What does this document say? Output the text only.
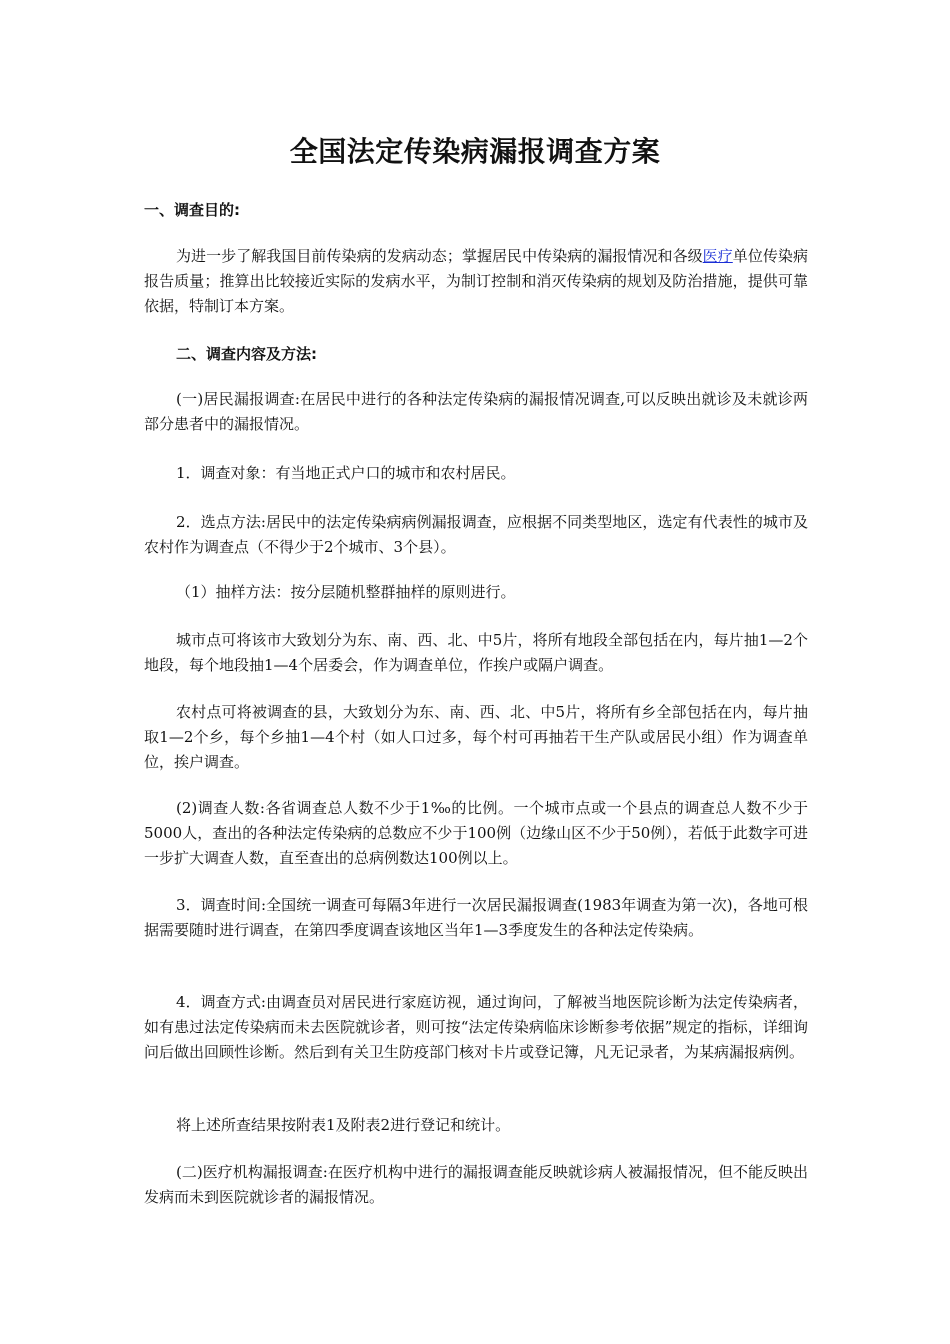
全国法定传染病漏报调查方案
一、调查目的:

为进一步了解我国目前传染病的发病动态；掌握居民中传染病的漏报情况和各级医疗单位传染病报告质量；推算出比较接近实际的发病水平，为制订控制和消灭传染病的规划及防治措施，提供可靠依据，特制订本方案。

二、调查内容及方法:

(一)居民漏报调查:在居民中进行的各种法定传染病的漏报情况调查,可以反映出就诊及未就诊两部分患者中的漏报情况。

1．调查对象：有当地正式户口的城市和农村居民。

2．选点方法:居民中的法定传染病病例漏报调查，应根据不同类型地区，选定有代表性的城市及农村作为调查点（不得少于2个城市、3个县）。

（1）抽样方法：按分层随机整群抽样的原则进行。

城市点可将该市大致划分为东、南、西、北、中5片，将所有地段全部包括在内，每片抽1—2个地段，每个地段抽1—4个居委会，作为调查单位，作挨户或隔户调查。

农村点可将被调查的县，大致划分为东、南、西、北、中5片，将所有乡全部包括在内，每片抽取1—2个乡，每个乡抽1—4个村（如人口过多，每个村可再抽若干生产队或居民小组）作为调查单位，挨户调查。

(2)调查人数:各省调查总人数不少于1‰的比例。一个城市点或一个县点的调查总人数不少于5000人，查出的各种法定传染病的总数应不少于100例（边缘山区不少于50例），若低于此数字可进一步扩大调查人数，直至查出的总病例数达100例以上。

3．调查时间:全国统一调查可每隔3年进行一次居民漏报调查(1983年调查为第一次)，各地可根据需要随时进行调查，在第四季度调查该地区当年1—3季度发生的各种法定传染病。

4．调查方式:由调查员对居民进行家庭访视，通过询问，了解被当地医院诊断为法定传染病者，如有患过法定传染病而未去医院就诊者，则可按“法定传染病临床诊断参考依据”规定的指标，详细询问后做出回顾性诊断。然后到有关卫生防疫部门核对卡片或登记簿，凡无记录者，为某病漏报病例。

将上述所查结果按附表1及附表2进行登记和统计。

(二)医疗机构漏报调查:在医疗机构中进行的漏报调查能反映就诊病人被漏报情况，但不能反映出发病而未到医院就诊者的漏报情况。
